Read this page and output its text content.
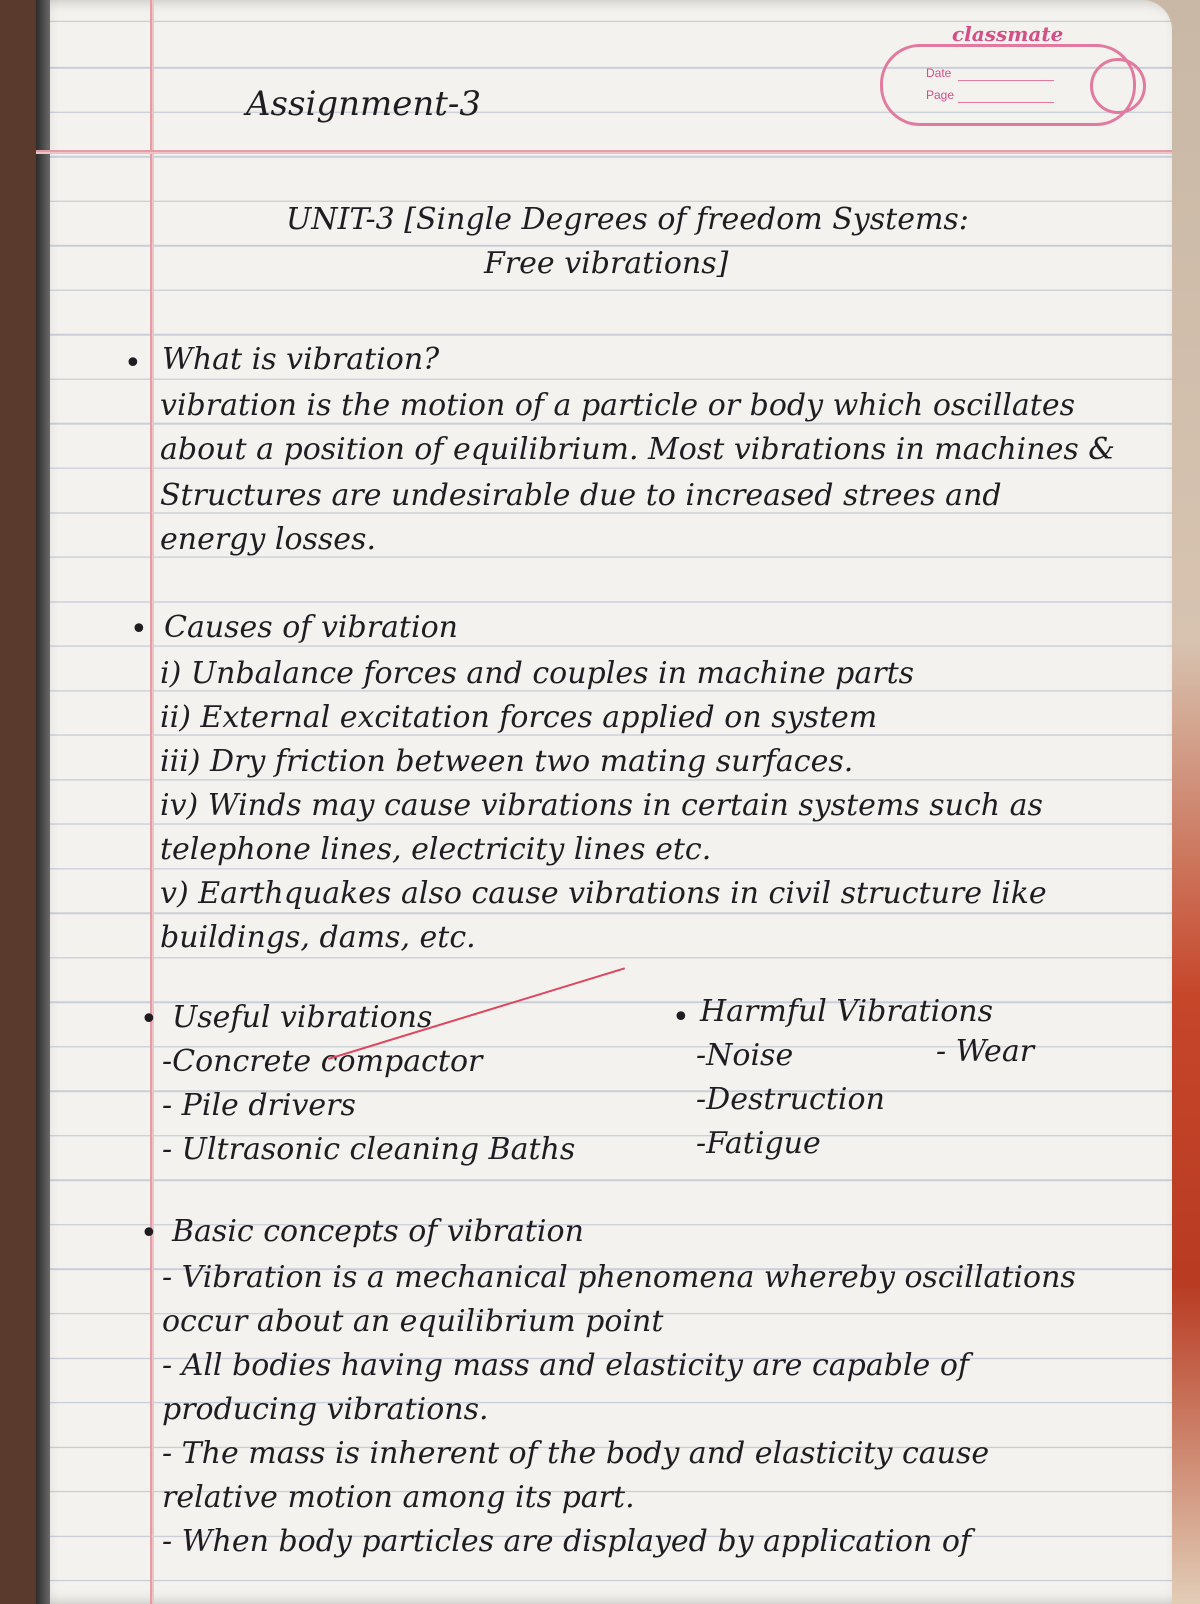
classmate
Date
Page
Assignment-3
UNIT-3 [Single Degrees of freedom Systems:
Free vibrations]
• What is vibration?
vibration is the motion of a particle or body which oscillates
about a position of equilibrium. Most vibrations in machines &
Structures are undesirable due to increased strees and
energy losses.
• Causes of vibration
i) Unbalance forces and couples in machine parts
ii) External excitation forces applied on system
iii) Dry friction between two mating surfaces.
iv) Winds may cause vibrations in certain systems such as
telephone lines, electricity lines etc.
v) Earthquakes also cause vibrations in civil structure like
buildings, dams, etc.
• Useful vibrations
-Concrete compactor
- Pile drivers
- Ultrasonic cleaning Baths
• Harmful Vibrations
-Noise
-Destruction
-Fatigue
- Wear
• Basic concepts of vibration
- Vibration is a mechanical phenomena whereby oscillations
occur about an equilibrium point
- All bodies having mass and elasticity are capable of
producing vibrations.
- The mass is inherent of the body and elasticity cause
relative motion among its part.
- When body particles are displayed by application of
